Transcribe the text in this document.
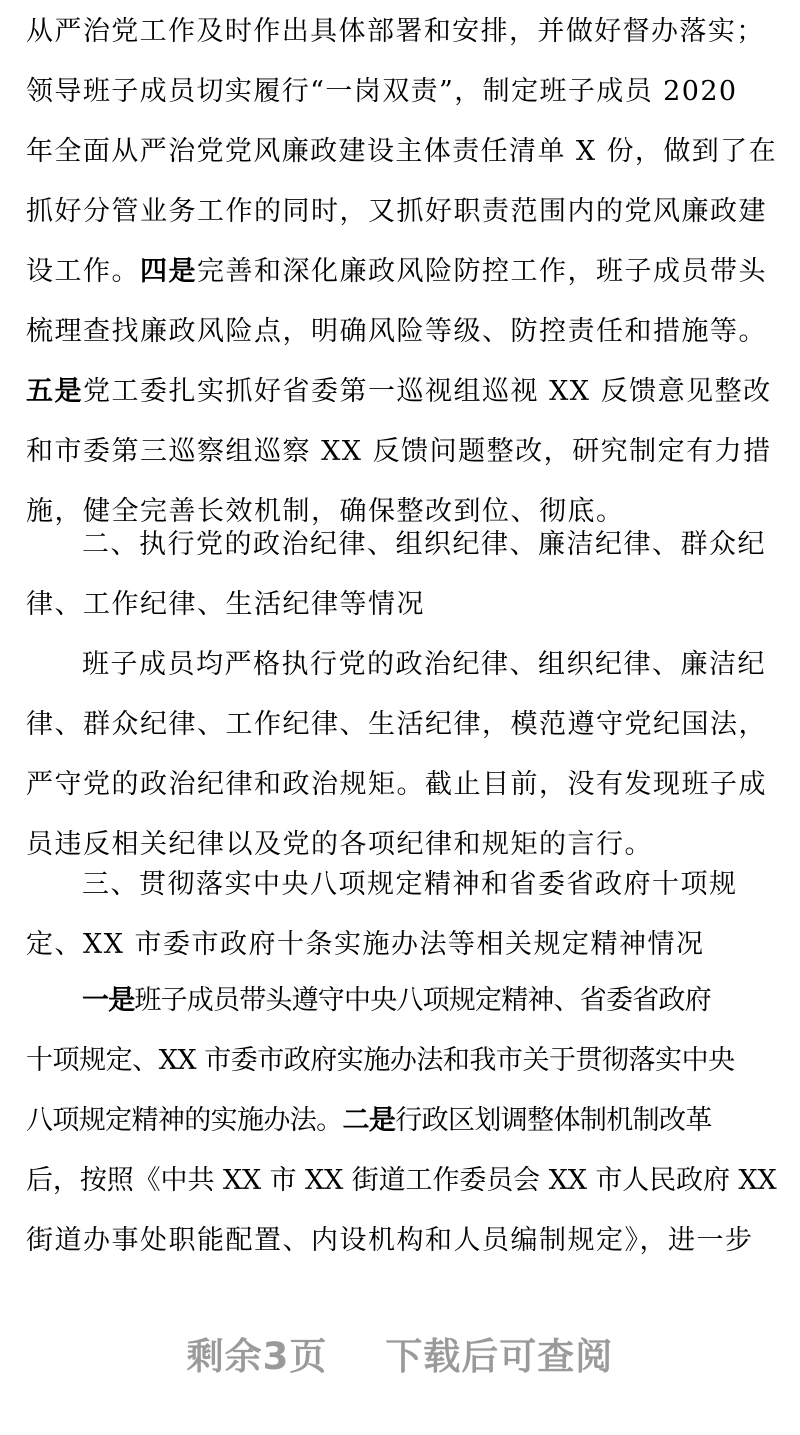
从严治党工作及时作出具体部署和安排，并做好督办落实；
领导班子成员切实履行“一岗双责”，制定班子成员 2020
年全面从严治党党风廉政建设主体责任清单 X 份，做到了在
抓好分管业务工作的同时，又抓好职责范围内的党风廉政建
设工作。四是完善和深化廉政风险防控工作，班子成员带头
梳理查找廉政风险点，明确风险等级、防控责任和措施等。
五是党工委扎实抓好省委第一巡视组巡视 XX 反馈意见整改
和市委第三巡察组巡察 XX 反馈问题整改，研究制定有力措
施，健全完善长效机制，确保整改到位、彻底。
二、执行党的政治纪律、组织纪律、廉洁纪律、群众纪
律、工作纪律、生活纪律等情况
班子成员均严格执行党的政治纪律、组织纪律、廉洁纪
律、群众纪律、工作纪律、生活纪律，模范遵守党纪国法，
严守党的政治纪律和政治规矩。截止目前，没有发现班子成
员违反相关纪律以及党的各项纪律和规矩的言行。
三、贯彻落实中央八项规定精神和省委省政府十项规
定、XX 市委市政府十条实施办法等相关规定精神情况
一是班子成员带头遵守中央八项规定精神、省委省政府
十项规定、XX 市委市政府实施办法和我市关于贯彻落实中央
八项规定精神的实施办法。二是行政区划调整体制机制改革
后，按照《中共 XX 市 XX 街道工作委员会 XX 市人民政府 XX
街道办事处职能配置、内设机构和人员编制规定》，进一步
剩余3页 下载后可查阅
